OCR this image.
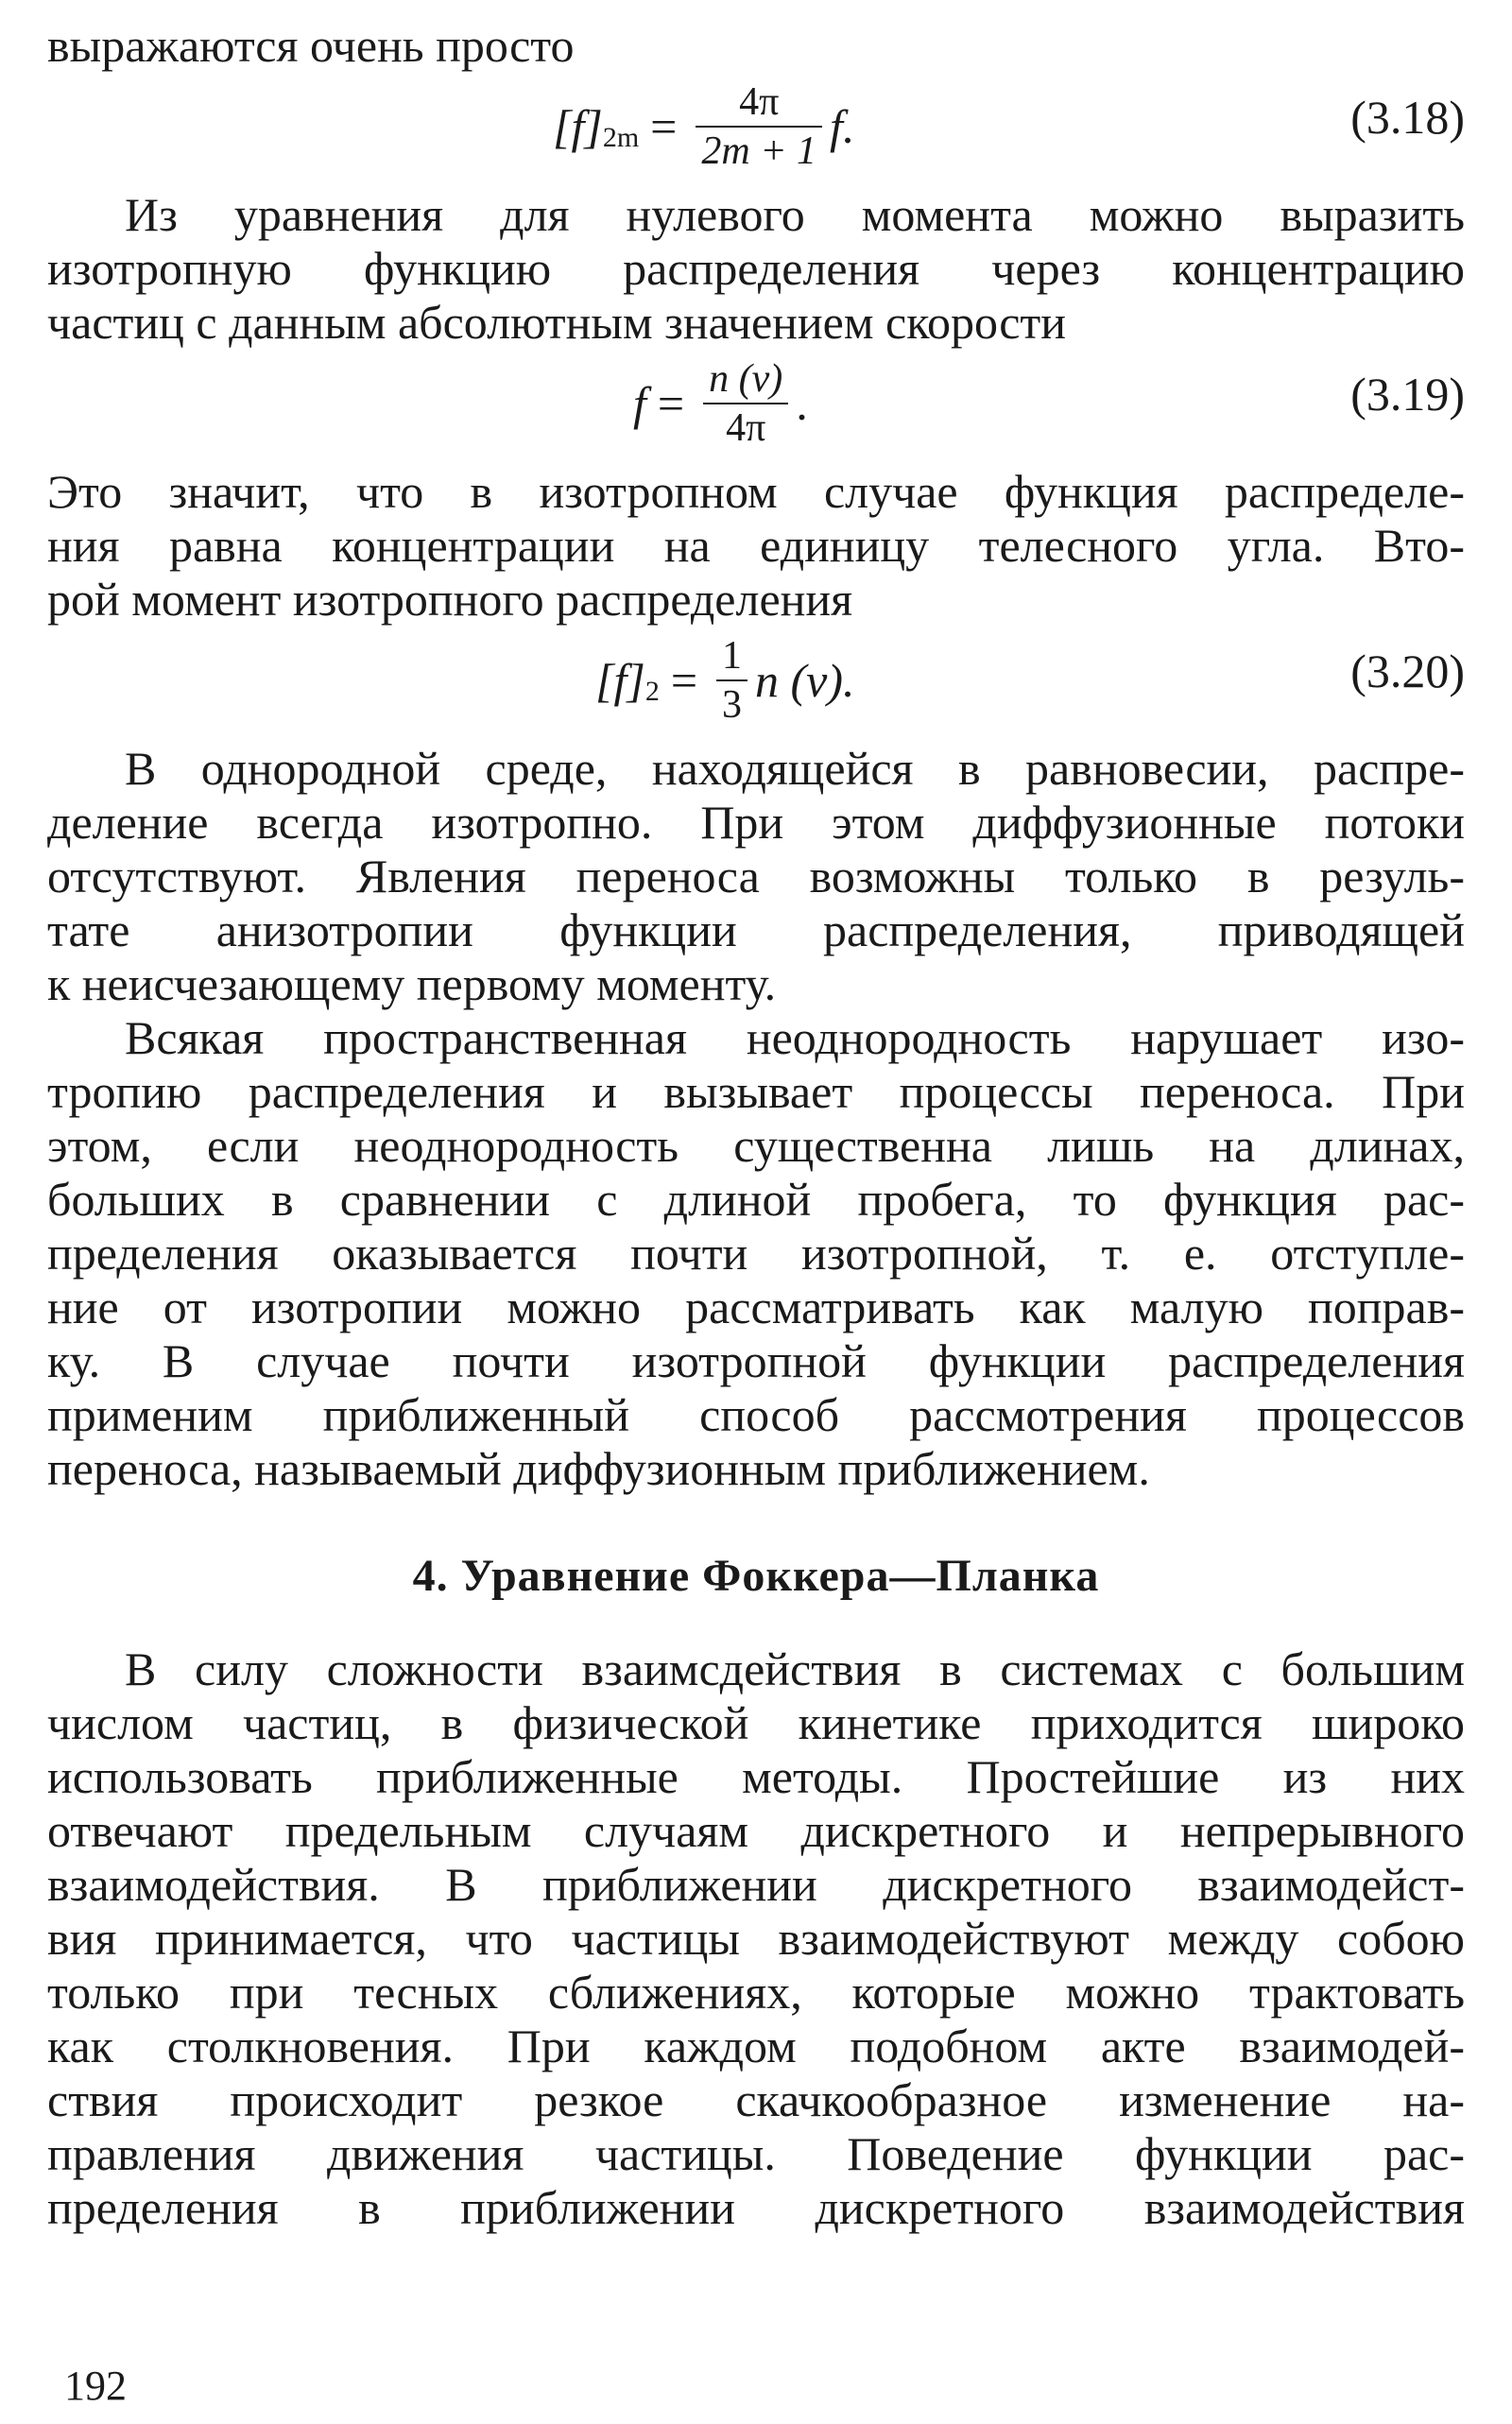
выражаются очень просто
[f] $2m = \frac{4\pi}{2m + 1} f$.	(3.18)
Из уравнения для нулевого момента можно выразить
изотропную функцию распределения через концентрацию
частиц с данным абсолютным значением скорости
$f = \frac{n (v)}{4\pi}$ .	(3.19)
Это значит, что в изотропном случае функция распределе-
ния равна концентрации на единицу телесного угла. Вто-
рой момент изотропного распределения
[f] $2 = \frac{1}{3}$ n (v).	(3.20)
В однородной среде, находящейся в равновесии, распре-
деление всегда изотропно. При этом диффузионные потоки
отсутствуют. Явления переноса возможны только в резуль-
тате анизотропии функции распределения, приводящей
к неисчезающему первому моменту.
Всякая пространственная неоднородность нарушает изо-
тропию распределения и вызывает процессы переноса. При
этом, если неоднородность существенна лишь на длинах,
больших в сравнении с длиной пробега, то функция рас-
пределения оказывается почти изотропной, т. е. отступле-
ние от изотропии можно рассматривать как малую поправ-
ку. В случае почти изотропной функции распределения
применим приближенный способ рассмотрения процессов
переноса, называемый диффузионным приближением.
4. Уравнение Фоккера—Планка
В силу сложности взаимсдействия в системах с большим
числом частиц, в физической кинетике приходится широко
использовать приближенные методы. Простейшие из них
отвечают предельным случаям дискретного и непрерывного
взаимодействия. В приближении дискретного взаимодейст-
вия принимается, что частицы взаимодействуют между собою
только при тесных сближениях, которые можно трактовать
как столкновения. При каждом подобном акте взаимодей-
ствия происходит резкое скачкообразное изменение на-
правления движения частицы. Поведение функции рас-
пределения в приближении дискретного взаимодействия
192
